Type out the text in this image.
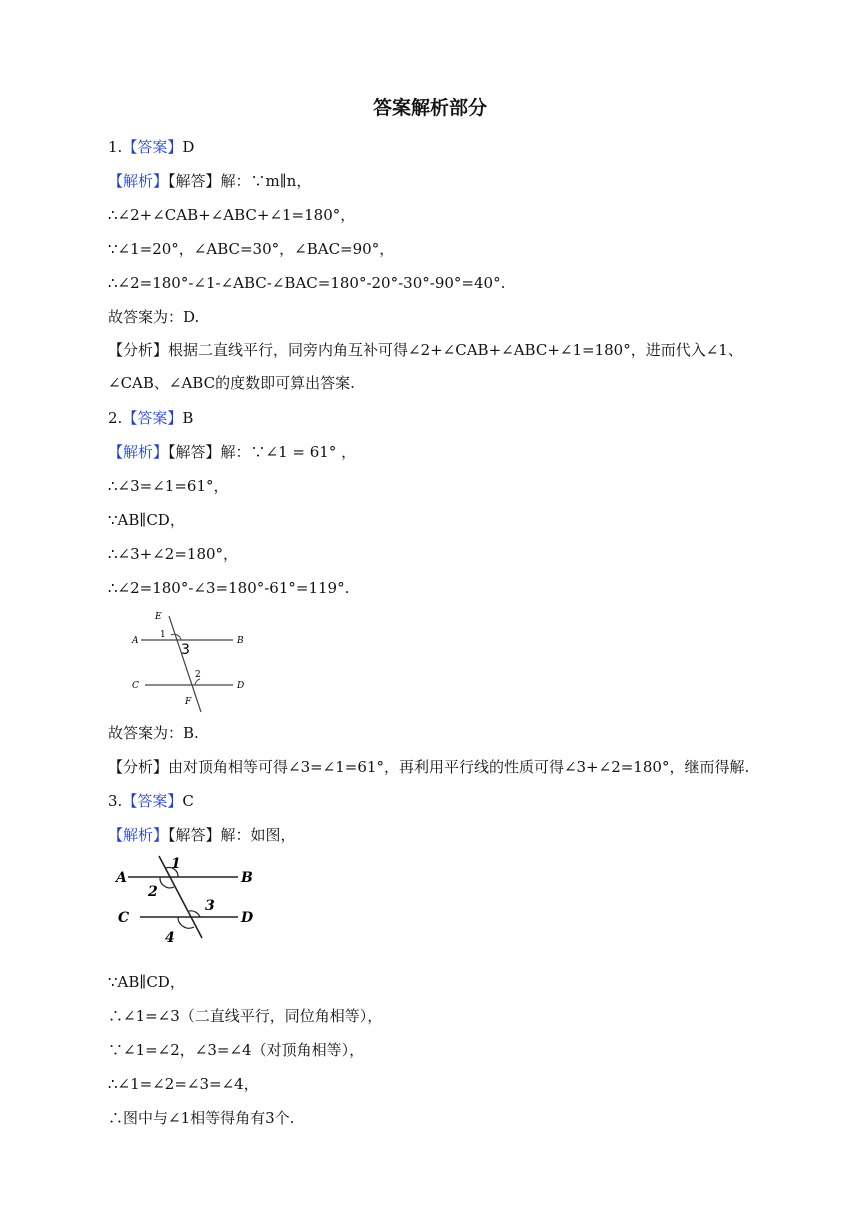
答案解析部分
1.【答案】D
【解析】【解答】解：∵m∥n，
∴∠2+∠CAB+∠ABC+∠1=180°，
∵∠1=20°，∠ABC=30°，∠BAC=90°，
∴∠2=180°-∠1-∠ABC-∠BAC=180°-20°-30°-90°=40°.
故答案为：D.
【分析】根据二直线平行，同旁内角互补可得∠2+∠CAB+∠ABC+∠1=180°，进而代入∠1、∠CAB、∠ABC的度数即可算出答案.
2.【答案】B
【解析】【解答】解：∵∠1 = 61° ，
∴∠3=∠1=61°，
∵AB∥CD，
∴∠3+∠2=180°，
∴∠2=180°-∠3=180°-61°=119°.
E
A
1
3
B
2
C	D
F
故答案为：B.
【分析】由对顶角相等可得∠3=∠1=61°，再利用平行线的性质可得∠3+∠2=180°，继而得解.
3.【答案】C
【解析】【解答】解：如图，
A
1
B
2
3
C	D
4
∵AB∥CD，
∴∠1=∠3（二直线平行，同位角相等），
∵∠1=∠2，∠3=∠4（对顶角相等），
∴∠1=∠2=∠3=∠4，
∴图中与∠1相等得角有3个.
